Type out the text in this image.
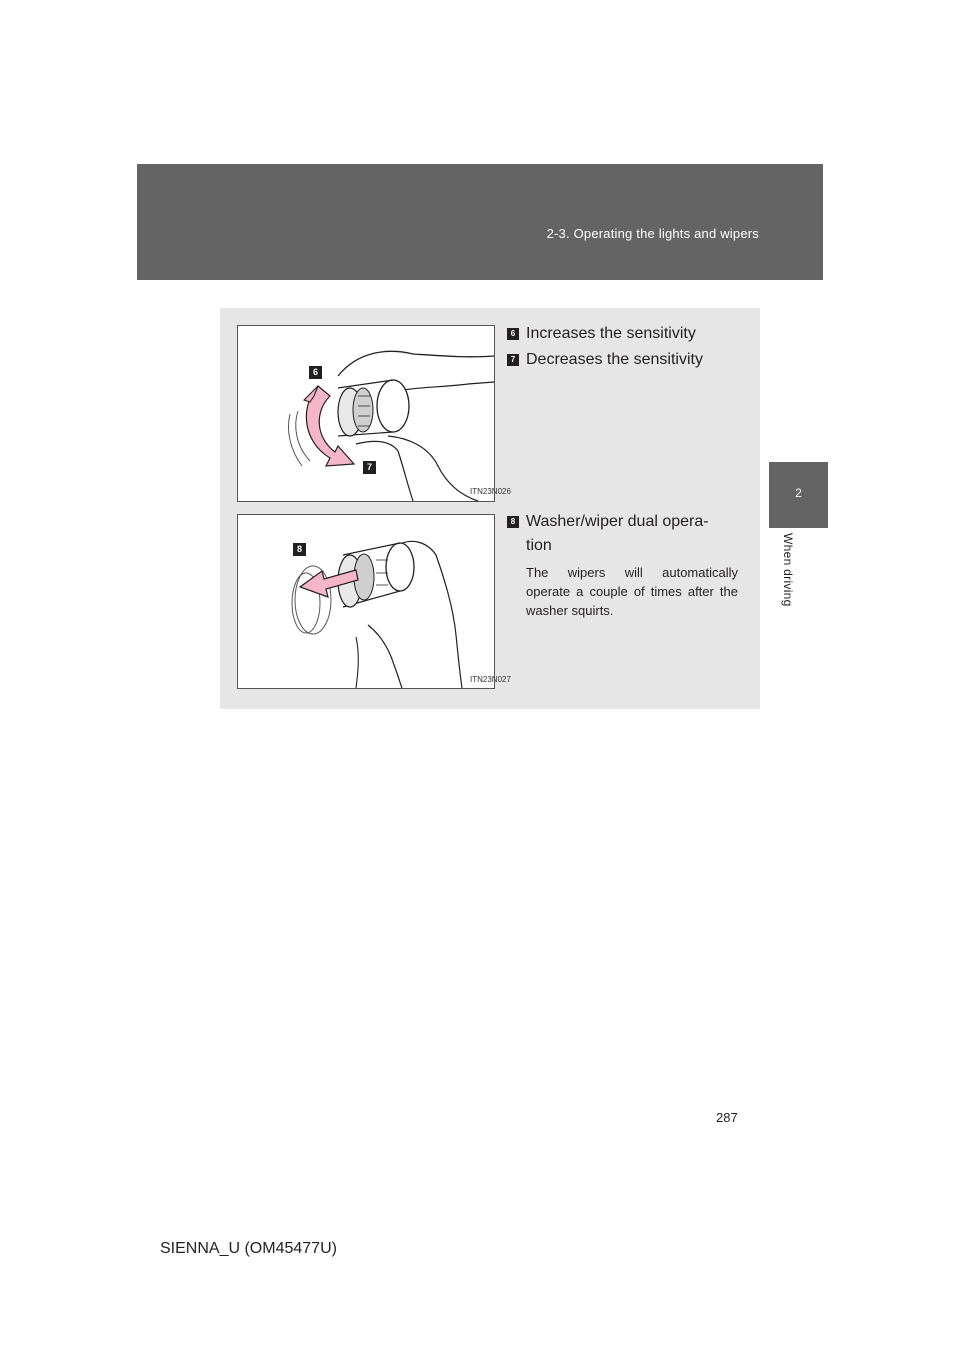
2-3. Operating the lights and wipers
2
When driving
ITN23N026
6
7
ITN23N027
8
6 Increases the sensitivity
7 Decreases the sensitivity
8 Washer/wiper dual opera-
tion
The wipers will automatically operate a couple of times after the washer squirts.
287
SIENNA_U (OM45477U)
